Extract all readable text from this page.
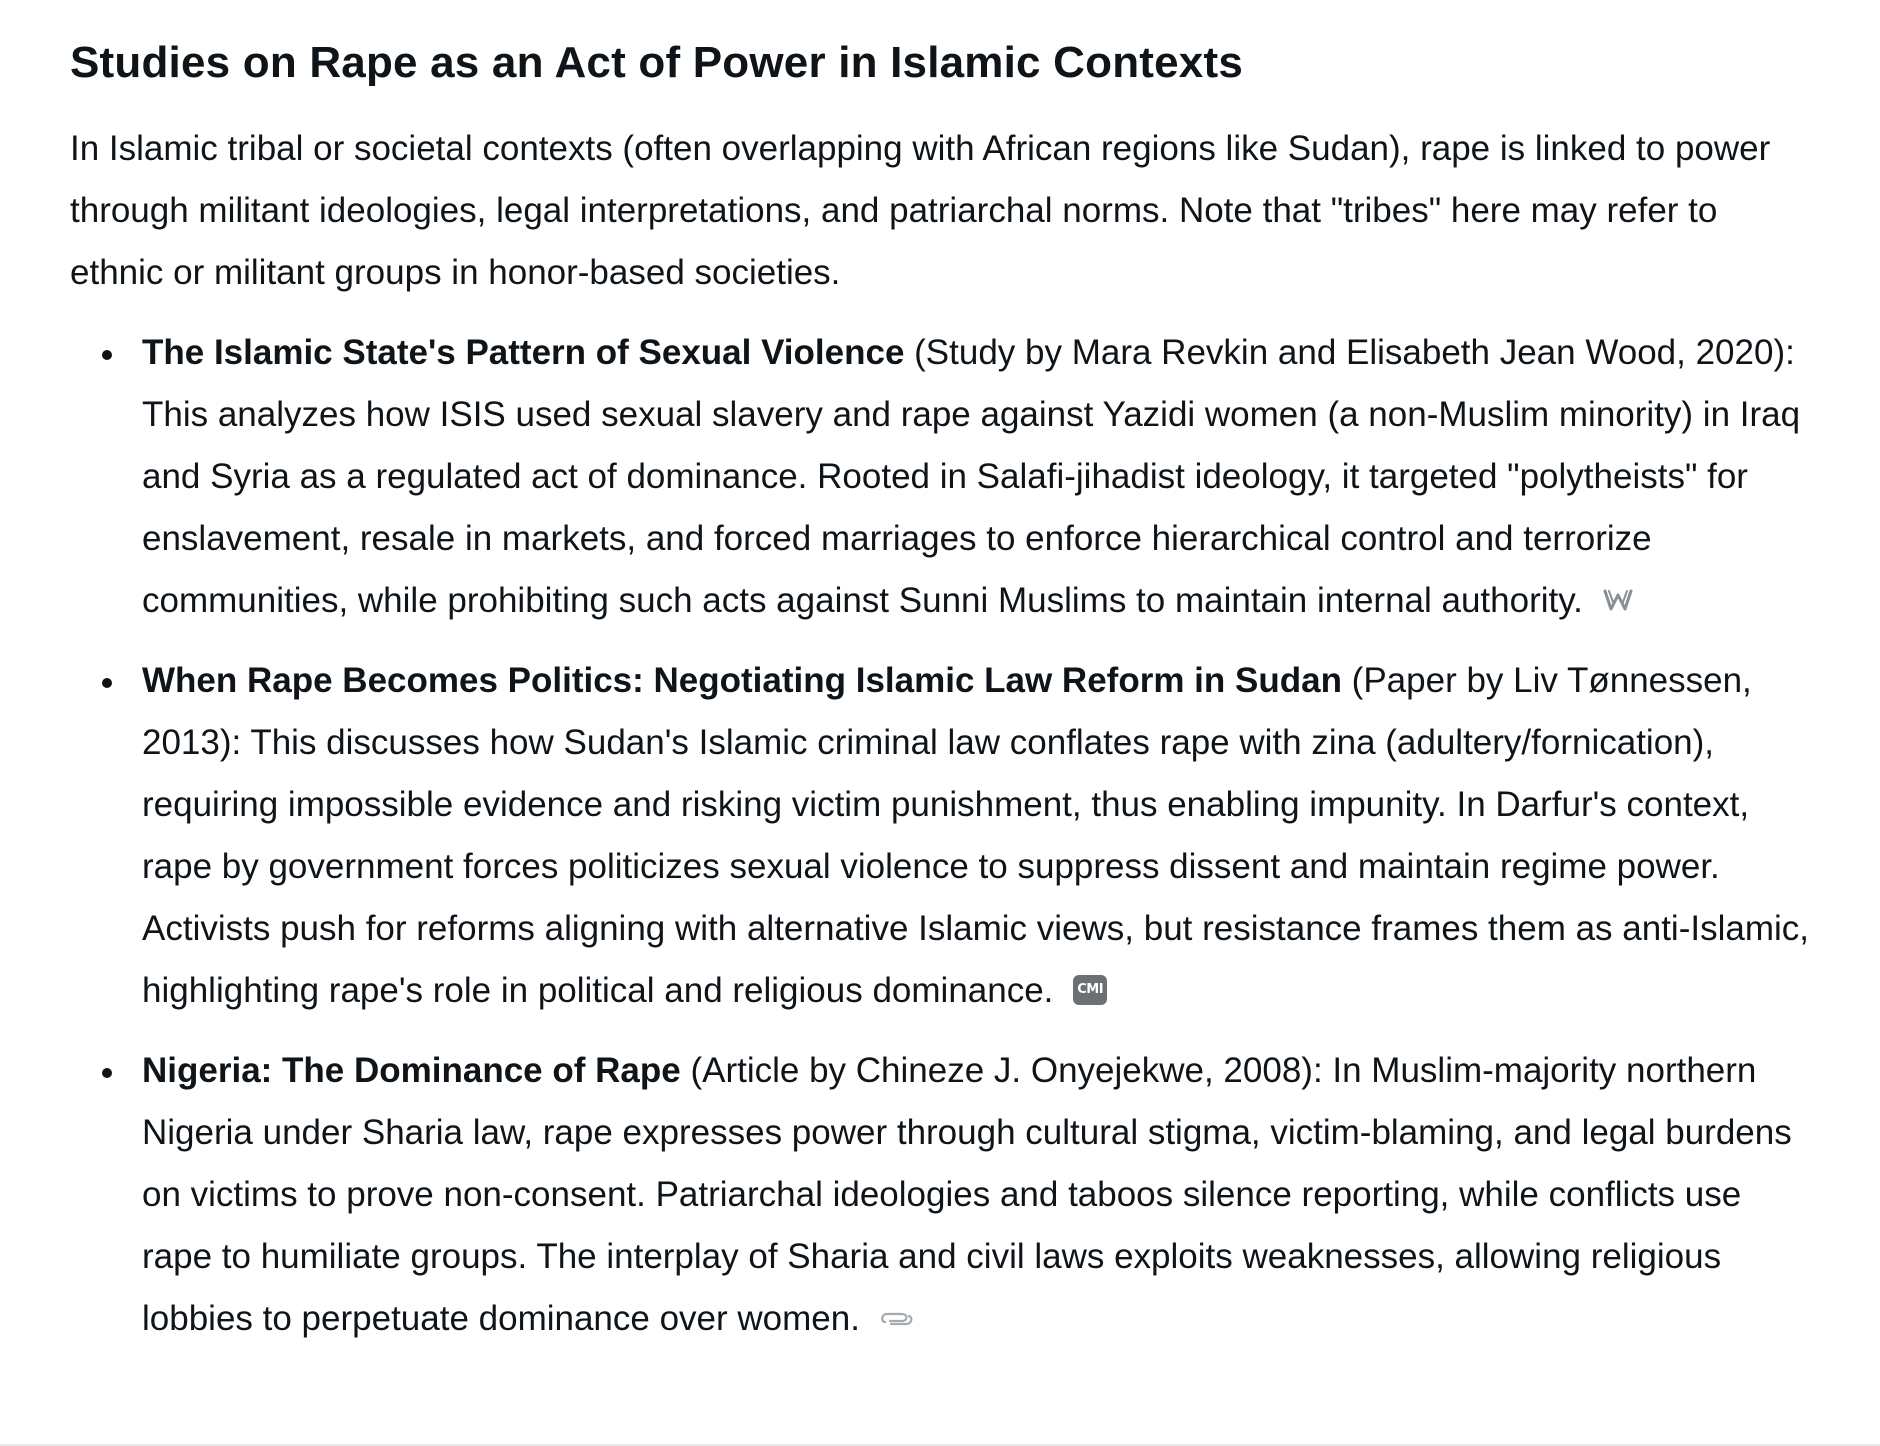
Studies on Rape as an Act of Power in Islamic Contexts

In Islamic tribal or societal contexts (often overlapping with African regions like Sudan), rape is linked to power through militant ideologies, legal interpretations, and patriarchal norms. Note that "tribes" here may refer to ethnic or militant groups in honor-based societies.

The Islamic State's Pattern of Sexual Violence (Study by Mara Revkin and Elisabeth Jean Wood, 2020): This analyzes how ISIS used sexual slavery and rape against Yazidi women (a non-Muslim minority) in Iraq and Syria as a regulated act of dominance. Rooted in Salafi-jihadist ideology, it targeted "polytheists" for enslavement, resale in markets, and forced marriages to enforce hierarchical control and terrorize communities, while prohibiting such acts against Sunni Muslims to maintain internal authority.
When Rape Becomes Politics: Negotiating Islamic Law Reform in Sudan (Paper by Liv Tønnessen, 2013): This discusses how Sudan's Islamic criminal law conflates rape with zina (adultery/fornication), requiring impossible evidence and risking victim punishment, thus enabling impunity. In Darfur's context, rape by government forces politicizes sexual violence to suppress dissent and maintain regime power. Activists push for reforms aligning with alternative Islamic views, but resistance frames them as anti-Islamic, highlighting rape's role in political and religious dominance. CMI
Nigeria: The Dominance of Rape (Article by Chineze J. Onyejekwe, 2008): In Muslim-majority northern Nigeria under Sharia law, rape expresses power through cultural stigma, victim-blaming, and legal burdens on victims to prove non-consent. Patriarchal ideologies and taboos silence reporting, while conflicts use rape to humiliate groups. The interplay of Sharia and civil laws exploits weaknesses, allowing religious lobbies to perpetuate dominance over women.
